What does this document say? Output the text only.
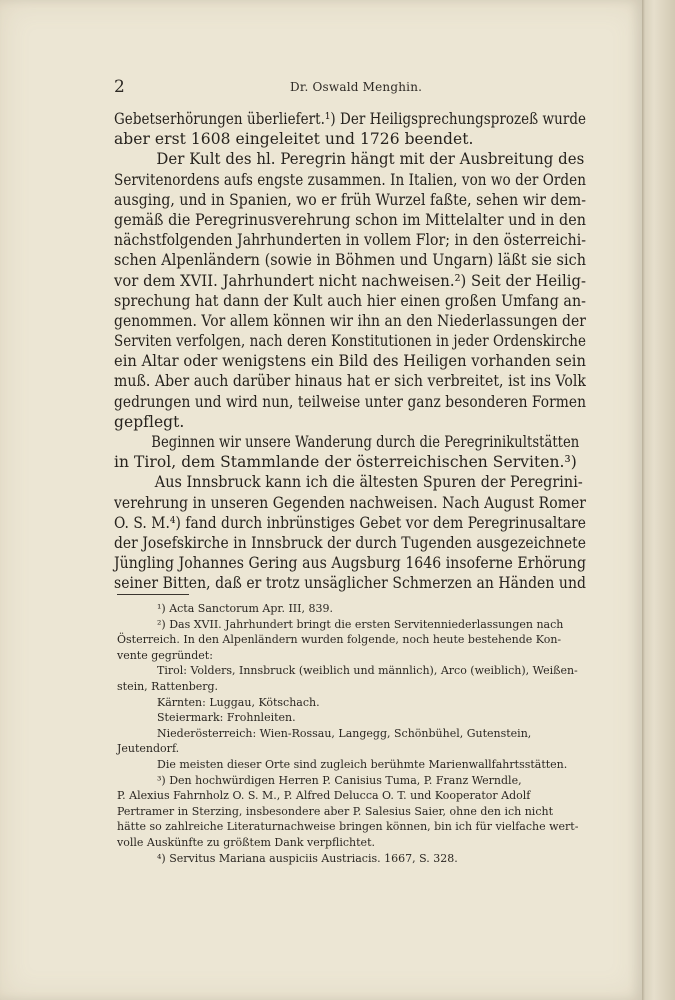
2	Dr. Oswald Menghin.
Gebetserhörungen überliefert.¹) Der Heiligsprechungsprozeß wurde
aber erst 1608 eingeleitet und 1726 beendet.
Der Kult des hl. Peregrin hängt mit der Ausbreitung des
Servitenordens aufs engste zusammen. In Italien, von wo der Orden
ausging, und in Spanien, wo er früh Wurzel faßte, sehen wir dem-
gemäß die Peregrinusverehrung schon im Mittelalter und in den
nächstfolgenden Jahrhunderten in vollem Flor; in den österreichi-
schen Alpenländern (sowie in Böhmen und Ungarn) läßt sie sich
vor dem XVII. Jahrhundert nicht nachweisen.²) Seit der Heilig-
sprechung hat dann der Kult auch hier einen großen Umfang an-
genommen. Vor allem können wir ihn an den Niederlassungen der
Serviten verfolgen, nach deren Konstitutionen in jeder Ordenskirche
ein Altar oder wenigstens ein Bild des Heiligen vorhanden sein
muß. Aber auch darüber hinaus hat er sich verbreitet, ist ins Volk
gedrungen und wird nun, teilweise unter ganz besonderen Formen
gepflegt.
Beginnen wir unsere Wanderung durch die Peregrinikultstätten
in Tirol, dem Stammlande der österreichischen Serviten.³)
Aus Innsbruck kann ich die ältesten Spuren der Peregrini-
verehrung in unseren Gegenden nachweisen. Nach August Romer
O. S. M.⁴) fand durch inbrünstiges Gebet vor dem Peregrinusaltare
der Josefskirche in Innsbruck der durch Tugenden ausgezeichnete
Jüngling Johannes Gering aus Augsburg 1646 insoferne Erhörung
seiner Bitten, daß er trotz unsäglicher Schmerzen an Händen und
¹) Acta Sanctorum Apr. III, 839.
²) Das XVII. Jahrhundert bringt die ersten Servitenniederlassungen nach
Österreich. In den Alpenländern wurden folgende, noch heute bestehende Kon-
vente gegründet:
Tirol: Volders, Innsbruck (weiblich und männlich), Arco (weiblich), Weißen-
stein, Rattenberg.
Kärnten: Luggau, Kötschach.
Steiermark: Frohnleiten.
Niederösterreich: Wien-Rossau, Langegg, Schönbühel, Gutenstein,
Jeutendorf.
Die meisten dieser Orte sind zugleich berühmte Marienwallfahrtsstätten.
³) Den hochwürdigen Herren P. Canisius Tuma, P. Franz Werndle,
P. Alexius Fahrnholz O. S. M., P. Alfred Delucca O. T. und Kooperator Adolf
Pertramer in Sterzing, insbesondere aber P. Salesius Saier, ohne den ich nicht
hätte so zahlreiche Literaturnachweise bringen können, bin ich für vielfache wert-
volle Auskünfte zu größtem Dank verpflichtet.
⁴) Servitus Mariana auspiciis Austriacis. 1667, S. 328.
